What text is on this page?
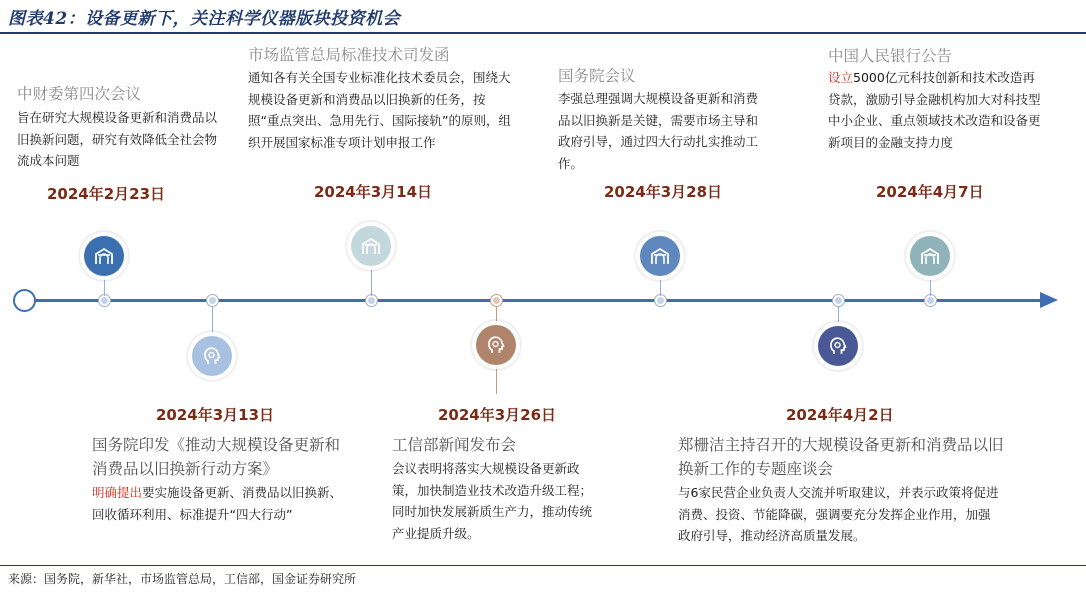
图表42：设备更新下，关注科学仪器版块投资机会
中财委第四次会议
旨在研究大规模设备更新和消费品以旧换新问题，研究有效降低全社会物流成本问题
2024年2月23日
市场监管总局标准技术司发函
通知各有关全国专业标准化技术委员会，围绕大规模设备更新和消费品以旧换新的任务，按照“重点突出、急用先行、国际接轨”的原则，组织开展国家标准专项计划申报工作
2024年3月14日
国务院会议
李强总理强调大规模设备更新和消费品以旧换新是关键，需要市场主导和政府引导，通过四大行动扎实推动工作。
2024年3月28日
中国人民银行公告
设立5000亿元科技创新和技术改造再贷款，激励引导金融机构加大对科技型中小企业、重点领域技术改造和设备更新项目的金融支持力度
2024年4月7日
2024年3月13日
国务院印发《推动大规模设备更新和消费品以旧换新行动方案》
明确提出要实施设备更新、消费品以旧换新、回收循环利用、标准提升“四大行动”
2024年3月26日
工信部新闻发布会
会议表明将落实大规模设备更新政策，加快制造业技术改造升级工程；同时加快发展新质生产力，推动传统产业提质升级。
2024年4月2日
郑栅洁主持召开的大规模设备更新和消费品以旧换新工作的专题座谈会
与6家民营企业负责人交流并听取建议，并表示政策将促进消费、投资、节能降碳，强调要充分发挥企业作用，加强政府引导，推动经济高质量发展。
来源：国务院，新华社，市场监管总局，工信部，国金证券研究所
